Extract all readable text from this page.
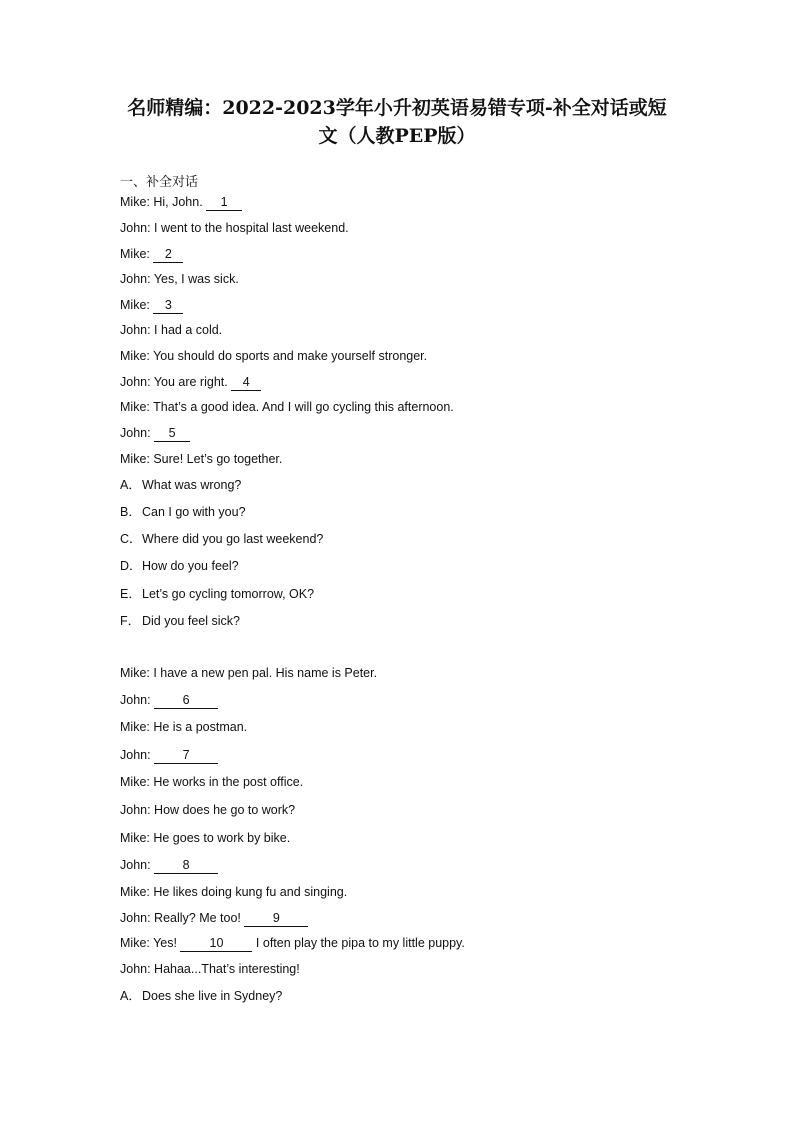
名师精编：2022-2023学年小升初英语易错专项-补全对话或短
文（人教PEP版）
一、补全对话
Mike: Hi, John. 1
John: I went to the hospital last weekend.
Mike: 2
John: Yes, I was sick.
Mike: 3
John: I had a cold.
Mike: You should do sports and make yourself stronger.
John: You are right. 4
Mike: That’s a good idea. And I will go cycling this afternoon.
John: 5
Mike: Sure! Let’s go together.
A．What was wrong?
B．Can I go with you?
C．Where did you go last weekend?
D．How do you feel?
E．Let’s go cycling tomorrow, OK?
F． Did you feel sick?
Mike: I have a new pen pal. His name is Peter.
John: 6
Mike: He is a postman.
John: 7
Mike: He works in the post office.
John: How does he go to work?
Mike: He goes to work by bike.
John: 8
Mike: He likes doing kung fu and singing.
John: Really? Me too! 9
Mike: Yes! 10 I often play the pipa to my little puppy.
John: Hahaa...That’s interesting!
A．Does she live in Sydney?
